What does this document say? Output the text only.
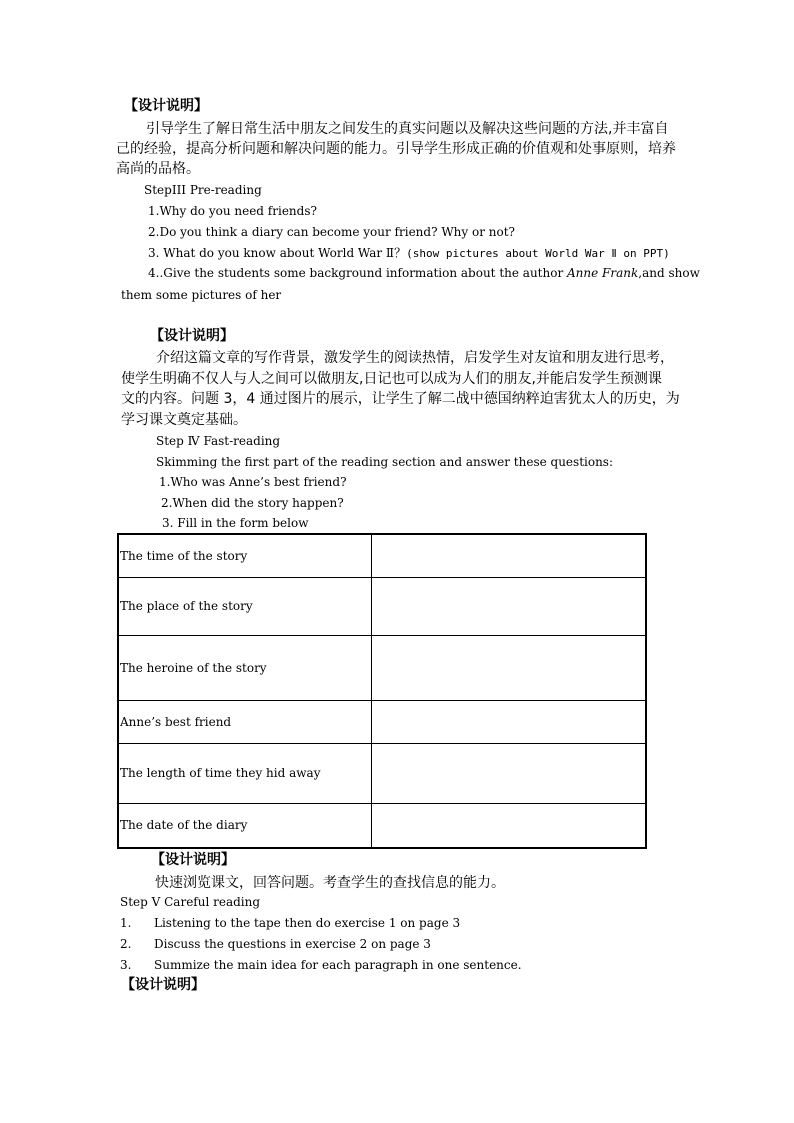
【设计说明】
引导学生了解日常生活中朋友之间发生的真实问题以及解决这些问题的方法,并丰富自
己的经验，提高分析问题和解决问题的能力。引导学生形成正确的价值观和处事原则，培养
高尚的品格。
StepIII Pre-reading
1.Why do you need friends?
2.Do you think a diary can become your friend? Why or not?
3. What do you know about World War Ⅱ？(show pictures about World War Ⅱ on PPT)
4..Give the students some background information about the author Anne Frank,and show
them some pictures of her
【设计说明】
介绍这篇文章的写作背景，激发学生的阅读热情，启发学生对友谊和朋友进行思考，
使学生明确不仅人与人之间可以做朋友,日记也可以成为人们的朋友,并能启发学生预测课
文的内容。问题 3，4 通过图片的展示，让学生了解二战中德国纳粹迫害犹太人的历史，为
学习课文奠定基础。
Step Ⅳ Fast-reading
Skimming the first part of the reading section and answer these questions:
1.Who was Anne’s best friend?
2.When did the story happen?
3. Fill in the form below
The time of the story	
The place of the story	
The heroine of the story	
Anne’s best friend	
The length of time they hid away	
The date of the diary	
【设计说明】
快速浏览课文，回答问题。考查学生的查找信息的能力。
Step Ⅴ Careful reading
1. Listening to the tape then do exercise 1 on page 3
2. Discuss the questions in exercise 2 on page 3
3. Summize the main idea for each paragraph in one sentence.
【设计说明】
